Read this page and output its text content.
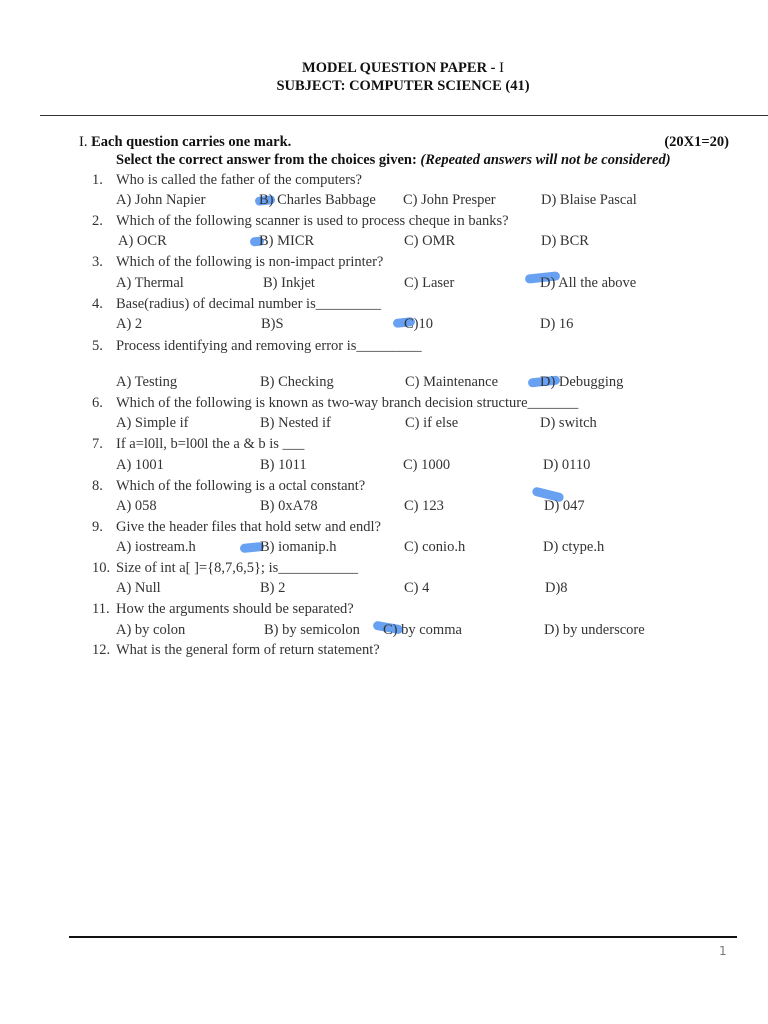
MODEL QUESTION PAPER - I
SUBJECT: COMPUTER SCIENCE (41)
I. Each question carries one mark.	(20X1=20)
Select the correct answer from the choices given: (Repeated answers will not be considered)
1. Who is called the father of the computers?
A) John Napier	B) Charles Babbage C) John Presper	D) Blaise Pascal
2. Which of the following scanner is used to process cheque in banks?
A) OCR	B) MICR	C) OMR	D) BCR
3. Which of the following is non-impact printer?
A) Thermal	B) Inkjet	C) Laser	D) All the above
4. Base(radius) of decimal number is_________
A) 2	B)S	C)10	D) 16
5. Process identifying and removing error is_________
A) Testing	B) Checking	C) Maintenance	D) Debugging
6. Which of the following is known as two-way branch decision structure_______
A) Simple if	B) Nested if	C) if else	D) switch
7. If a=l0ll, b=l00l the a & b is ___
A) 1001	B) 1011	C) 1000	D) 0110
8. Which of the following is a octal constant?
A) 058	B) 0xA78	C) 123	D) 047
9. Give the header files that hold setw and endl?
A) iostream.h	B) iomanip.h	C) conio.h	D) ctype.h
10. Size of int a[ ]={8,7,6,5}; is___________
A) Null	B) 2	C) 4	D)8
11. How the arguments should be separated?
A) by colon	B) by semicolon C) by comma	D) by underscore
12. What is the general form of return statement?
1
